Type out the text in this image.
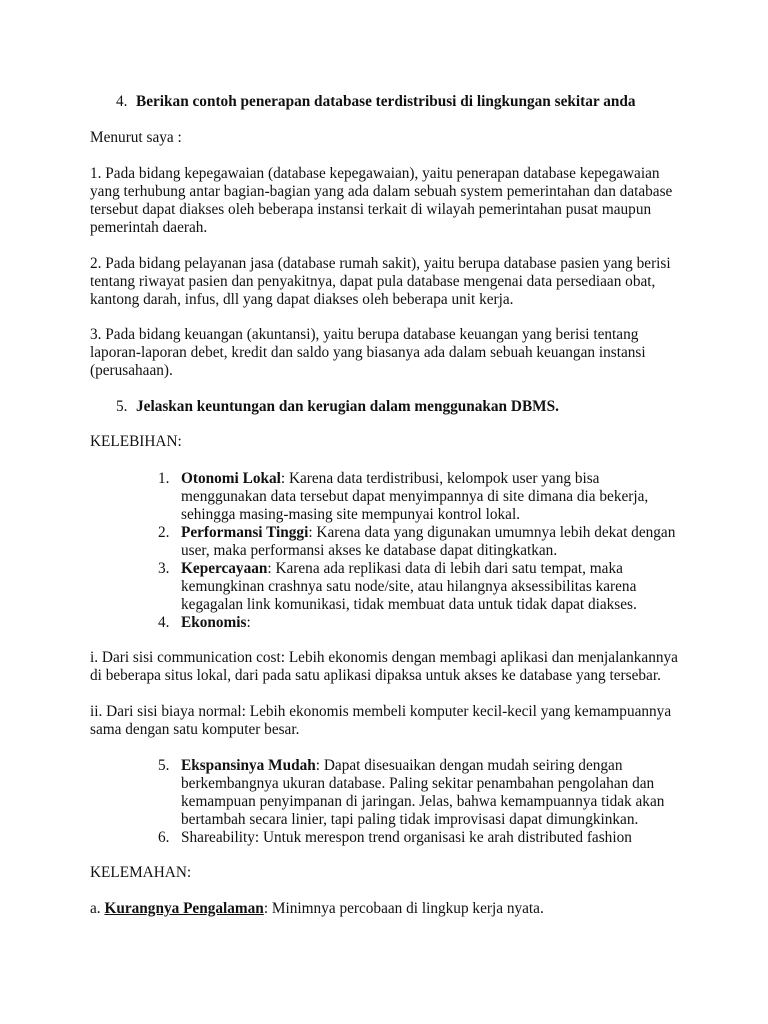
4. Berikan contoh penerapan database terdistribusi di lingkungan sekitar anda

Menurut saya :

1. Pada bidang kepegawaian (database kepegawaian), yaitu penerapan database kepegawaian
yang terhubung antar bagian-bagian yang ada dalam sebuah system pemerintahan dan database
tersebut dapat diakses oleh beberapa instansi terkait di wilayah pemerintahan pusat maupun
pemerintah daerah.

2. Pada bidang pelayanan jasa (database rumah sakit), yaitu berupa database pasien yang berisi
tentang riwayat pasien dan penyakitnya, dapat pula database mengenai data persediaan obat,
kantong darah, infus, dll yang dapat diakses oleh beberapa unit kerja.

3. Pada bidang keuangan (akuntansi), yaitu berupa database keuangan yang berisi tentang
laporan-laporan debet, kredit dan saldo yang biasanya ada dalam sebuah keuangan instansi
(perusahaan).

5. Jelaskan keuntungan dan kerugian dalam menggunakan DBMS.

KELEBIHAN:

1. Otonomi Lokal: Karena data terdistribusi, kelompok user yang bisa
menggunakan data tersebut dapat menyimpannya di site dimana dia bekerja,
sehingga masing-masing site mempunyai kontrol lokal.
2. Performansi Tinggi: Karena data yang digunakan umumnya lebih dekat dengan
user, maka performansi akses ke database dapat ditingkatkan.
3. Kepercayaan: Karena ada replikasi data di lebih dari satu tempat, maka
kemungkinan crashnya satu node/site, atau hilangnya aksessibilitas karena
kegagalan link komunikasi, tidak membuat data untuk tidak dapat diakses.
4. Ekonomis:

i. Dari sisi communication cost: Lebih ekonomis dengan membagi aplikasi dan menjalankannya
di beberapa situs lokal, dari pada satu aplikasi dipaksa untuk akses ke database yang tersebar.

ii. Dari sisi biaya normal: Lebih ekonomis membeli komputer kecil-kecil yang kemampuannya
sama dengan satu komputer besar.

5. Ekspansinya Mudah: Dapat disesuaikan dengan mudah seiring dengan
berkembangnya ukuran database. Paling sekitar penambahan pengolahan dan
kemampuan penyimpanan di jaringan. Jelas, bahwa kemampuannya tidak akan
bertambah secara linier, tapi paling tidak improvisasi dapat dimungkinkan.
6. Shareability: Untuk merespon trend organisasi ke arah distributed fashion

KELEMAHAN:

a. Kurangnya Pengalaman: Minimnya percobaan di lingkup kerja nyata.
